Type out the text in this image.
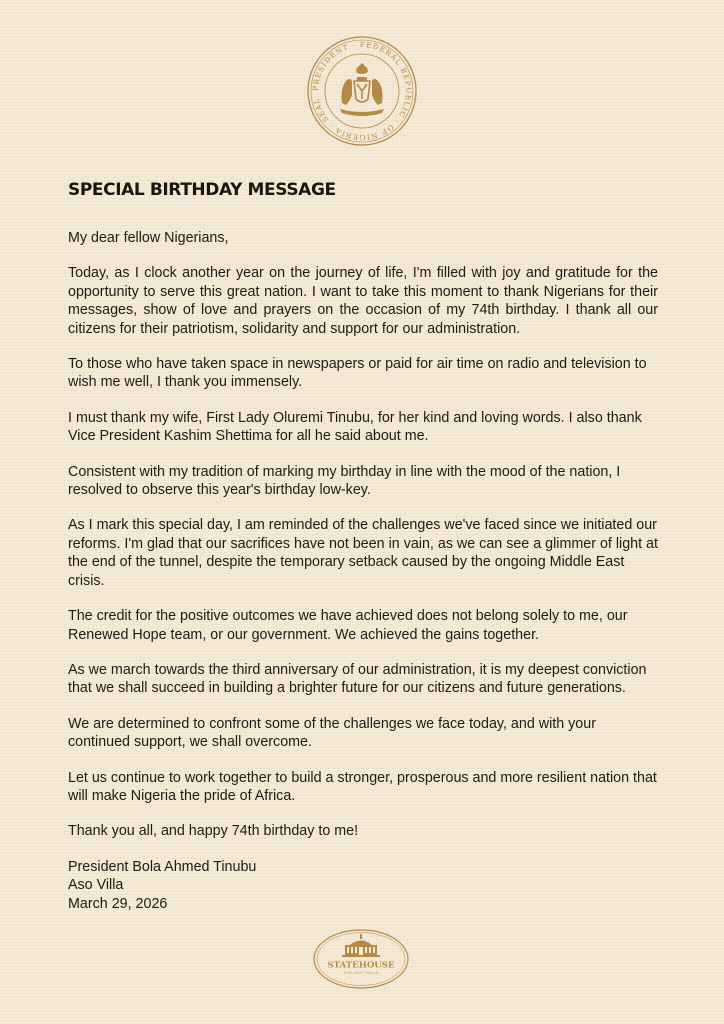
PRESIDENT · FEDERAL REPUBLIC · OF NIGERIA · SEAL
SPECIAL BIRTHDAY MESSAGE

My dear fellow Nigerians,

Today, as I clock another year on the journey of life, I'm filled with joy and gratitude for the opportunity to serve this great nation. I want to take this moment to thank Nigerians for their messages, show of love and prayers on the occasion of my 74th birthday. I thank all our citizens for their patriotism, solidarity and support for our administration.

To those who have taken space in newspapers or paid for air time on radio and television to wish me well, I thank you immensely.

I must thank my wife, First Lady Oluremi Tinubu, for her kind and loving words. I also thank Vice President Kashim Shettima for all he said about me.

Consistent with my tradition of marking my birthday in line with the mood of the nation, I resolved to observe this year's birthday low-key.

As I mark this special day, I am reminded of the challenges we've faced since we initiated our reforms. I'm glad that our sacrifices have not been in vain, as we can see a glimmer of light at the end of the tunnel, despite the temporary setback caused by the ongoing Middle East crisis.

The credit for the positive outcomes we have achieved does not belong solely to me, our Renewed Hope team, or our government. We achieved the gains together.

As we march towards the third anniversary of our administration, it is my deepest conviction that we shall succeed in building a brighter future for our citizens and future generations.

We are determined to confront some of the challenges we face today, and with your continued support, we shall overcome.

Let us continue to work together to build a stronger, prosperous and more resilient nation that will make Nigeria the pride of Africa.

Thank you all, and happy 74th birthday to me!

President Bola Ahmed Tinubu
Aso Villa
March 29, 2026
STATEHOUSE
THE ASO VILLA
